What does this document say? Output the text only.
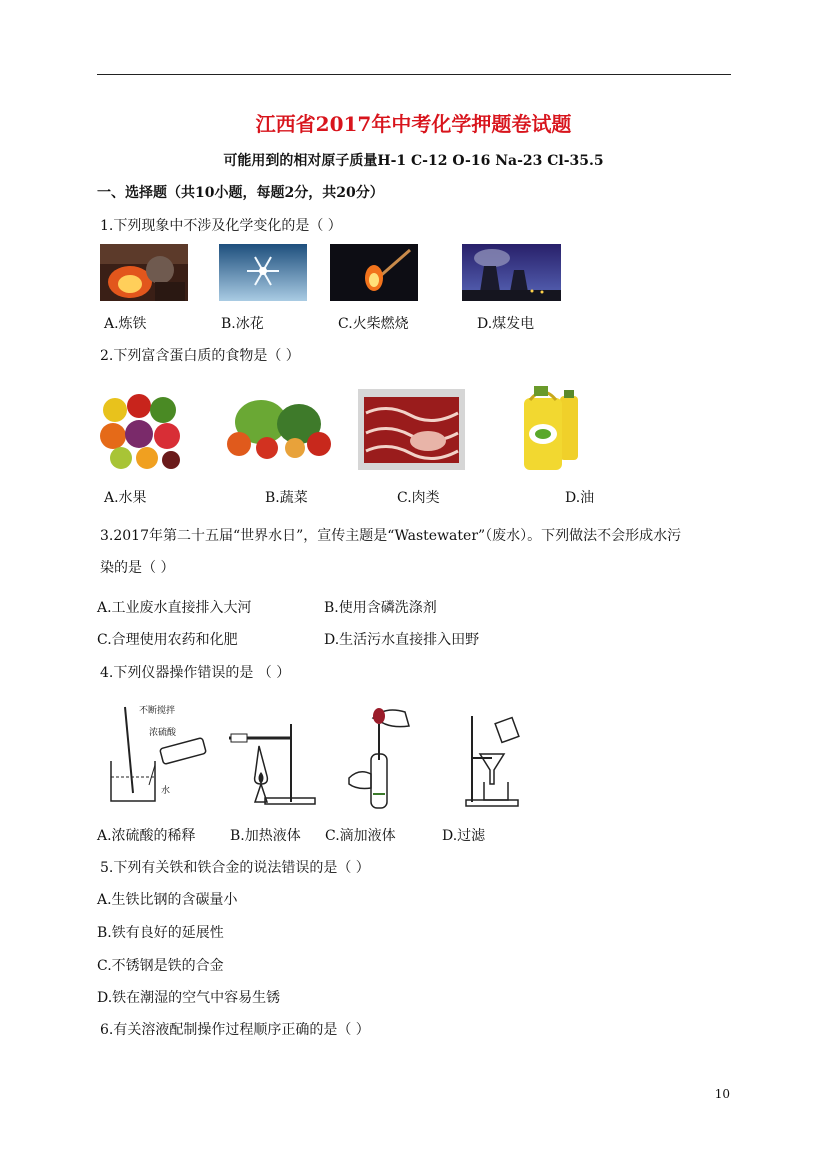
江西省2017年中考化学押题卷试题
可能用到的相对原子质量H-1 C-12 O-16 Na-23 Cl-35.5
一、选择题（共10小题，每题2分，共20分）
1.下列现象中不涉及化学变化的是（ ）
A.炼铁	B.冰花	C.火柴燃烧	D.煤发电
2.下列富含蛋白质的食物是（ ）
A.水果	B.蔬菜	C.肉类	D.油
3.2017年第二十五届“世界水日”，宣传主题是“Wastewater”（废水）。下列做法不会形成水污
染的是（ ）
A.工业废水直接排入大河	B.使用含磷洗涤剂
C.合理使用农药和化肥	D.生活污水直接排入田野
4.下列仪器操作错误的是 （ ）
不断搅拌
浓硫酸
水
A.浓硫酸的稀释 B.加热液体 C.滴加液体	D.过滤
5.下列有关铁和铁合金的说法错误的是（ ）
A.生铁比钢的含碳量小
B.铁有良好的延展性
C.不锈钢是铁的合金
D.铁在潮湿的空气中容易生锈
6.有关溶液配制操作过程顺序正确的是（ ）
10
